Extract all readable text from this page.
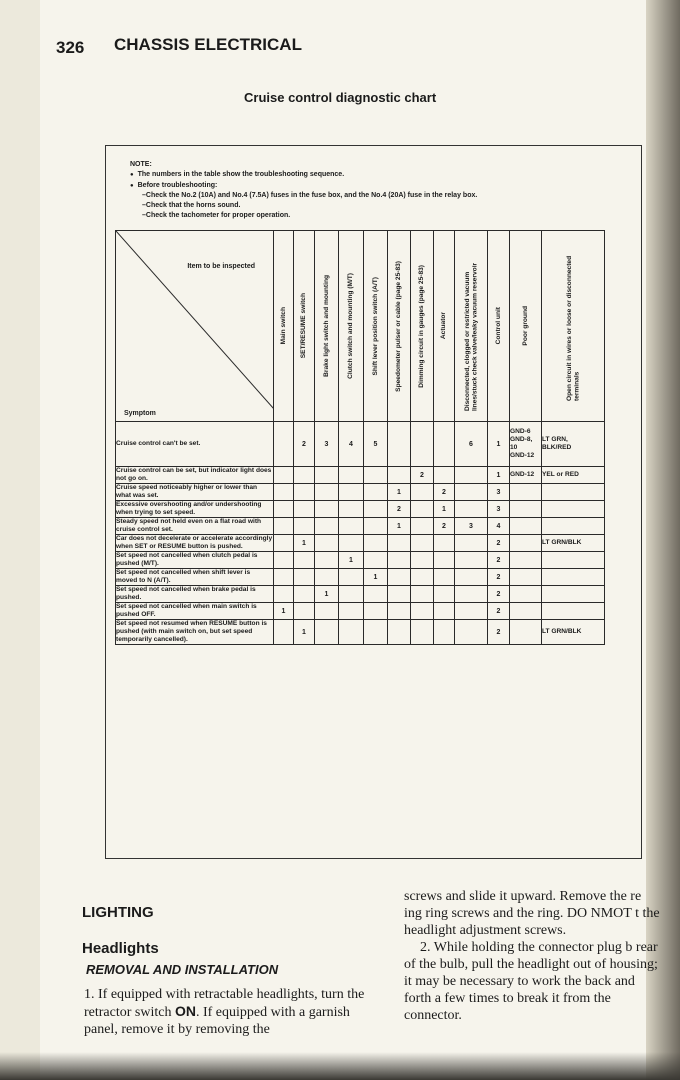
326 CHASSIS ELECTRICAL
Cruise control diagnostic chart
NOTE:
● The numbers in the table show the troubleshooting sequence.
● Before troubleshooting:
– Check the No.2 (10A) and No.4 (7.5A) fuses in the fuse box, and the No.4 (20A) fuse in the relay box.
– Check that the horns sound.
– Check the tachometer for proper operation.
Item to be inspected
Symptom	Main switch	SET/RESUME switch	Brake light switch and mounting	Clutch switch and mounting (M/T)	Shift lever position switch (A/T)	Speedometer pulser or cable (page 25-83)	Dimming circuit in gauges (page 25-83)	Actuator	Disconnected, clogged or restricted vacuum lines/stuck check valve/leaky vacuum reservoir	Control unit	Poor ground	Open circuit in wires or loose or disconnected terminals

Cruise control can't be set.		2	3	4	5				6	1	GND-6
GND-8,
10
GND-12	LT GRN,
BLK/RED
Cruise control can be set, but indicator light does not go on.							2			1	GND-12	YEL or RED
Cruise speed noticeably higher or lower than what was set.						1		2		3		
Excessive overshooting and/or undershooting when trying to set speed.						2		1		3		
Steady speed not held even on a flat road with cruise control set.						1		2	3	4		
Car does not decelerate or accelerate accordingly when SET or RESUME button is pushed.		1								2		LT GRN/BLK
Set speed not cancelled when clutch pedal is pushed (M/T).				1						2		
Set speed not cancelled when shift lever is moved to N (A/T).					1					2		
Set speed not cancelled when brake pedal is pushed.			1							2		
Set speed not cancelled when main switch is pushed OFF.	1									2		
Set speed not resumed when RESUME button is pushed (with main switch on, but set speed temporarily cancelled).		1								2		LT GRN/BLK
LIGHTING
Headlights
REMOVAL AND INSTALLATION
1. If equipped with retractable headlights, turn the retractor switch ON. If equipped with a garnish panel, remove it by removing the
screws and slide it upward. Remove the re ing ring screws and the ring. DO NMOT t the headlight adjustment screws.
2. While holding the connector plug b rear of the bulb, pull the headlight out of housing; it may be necessary to work the back and forth a few times to break it from the connector.
